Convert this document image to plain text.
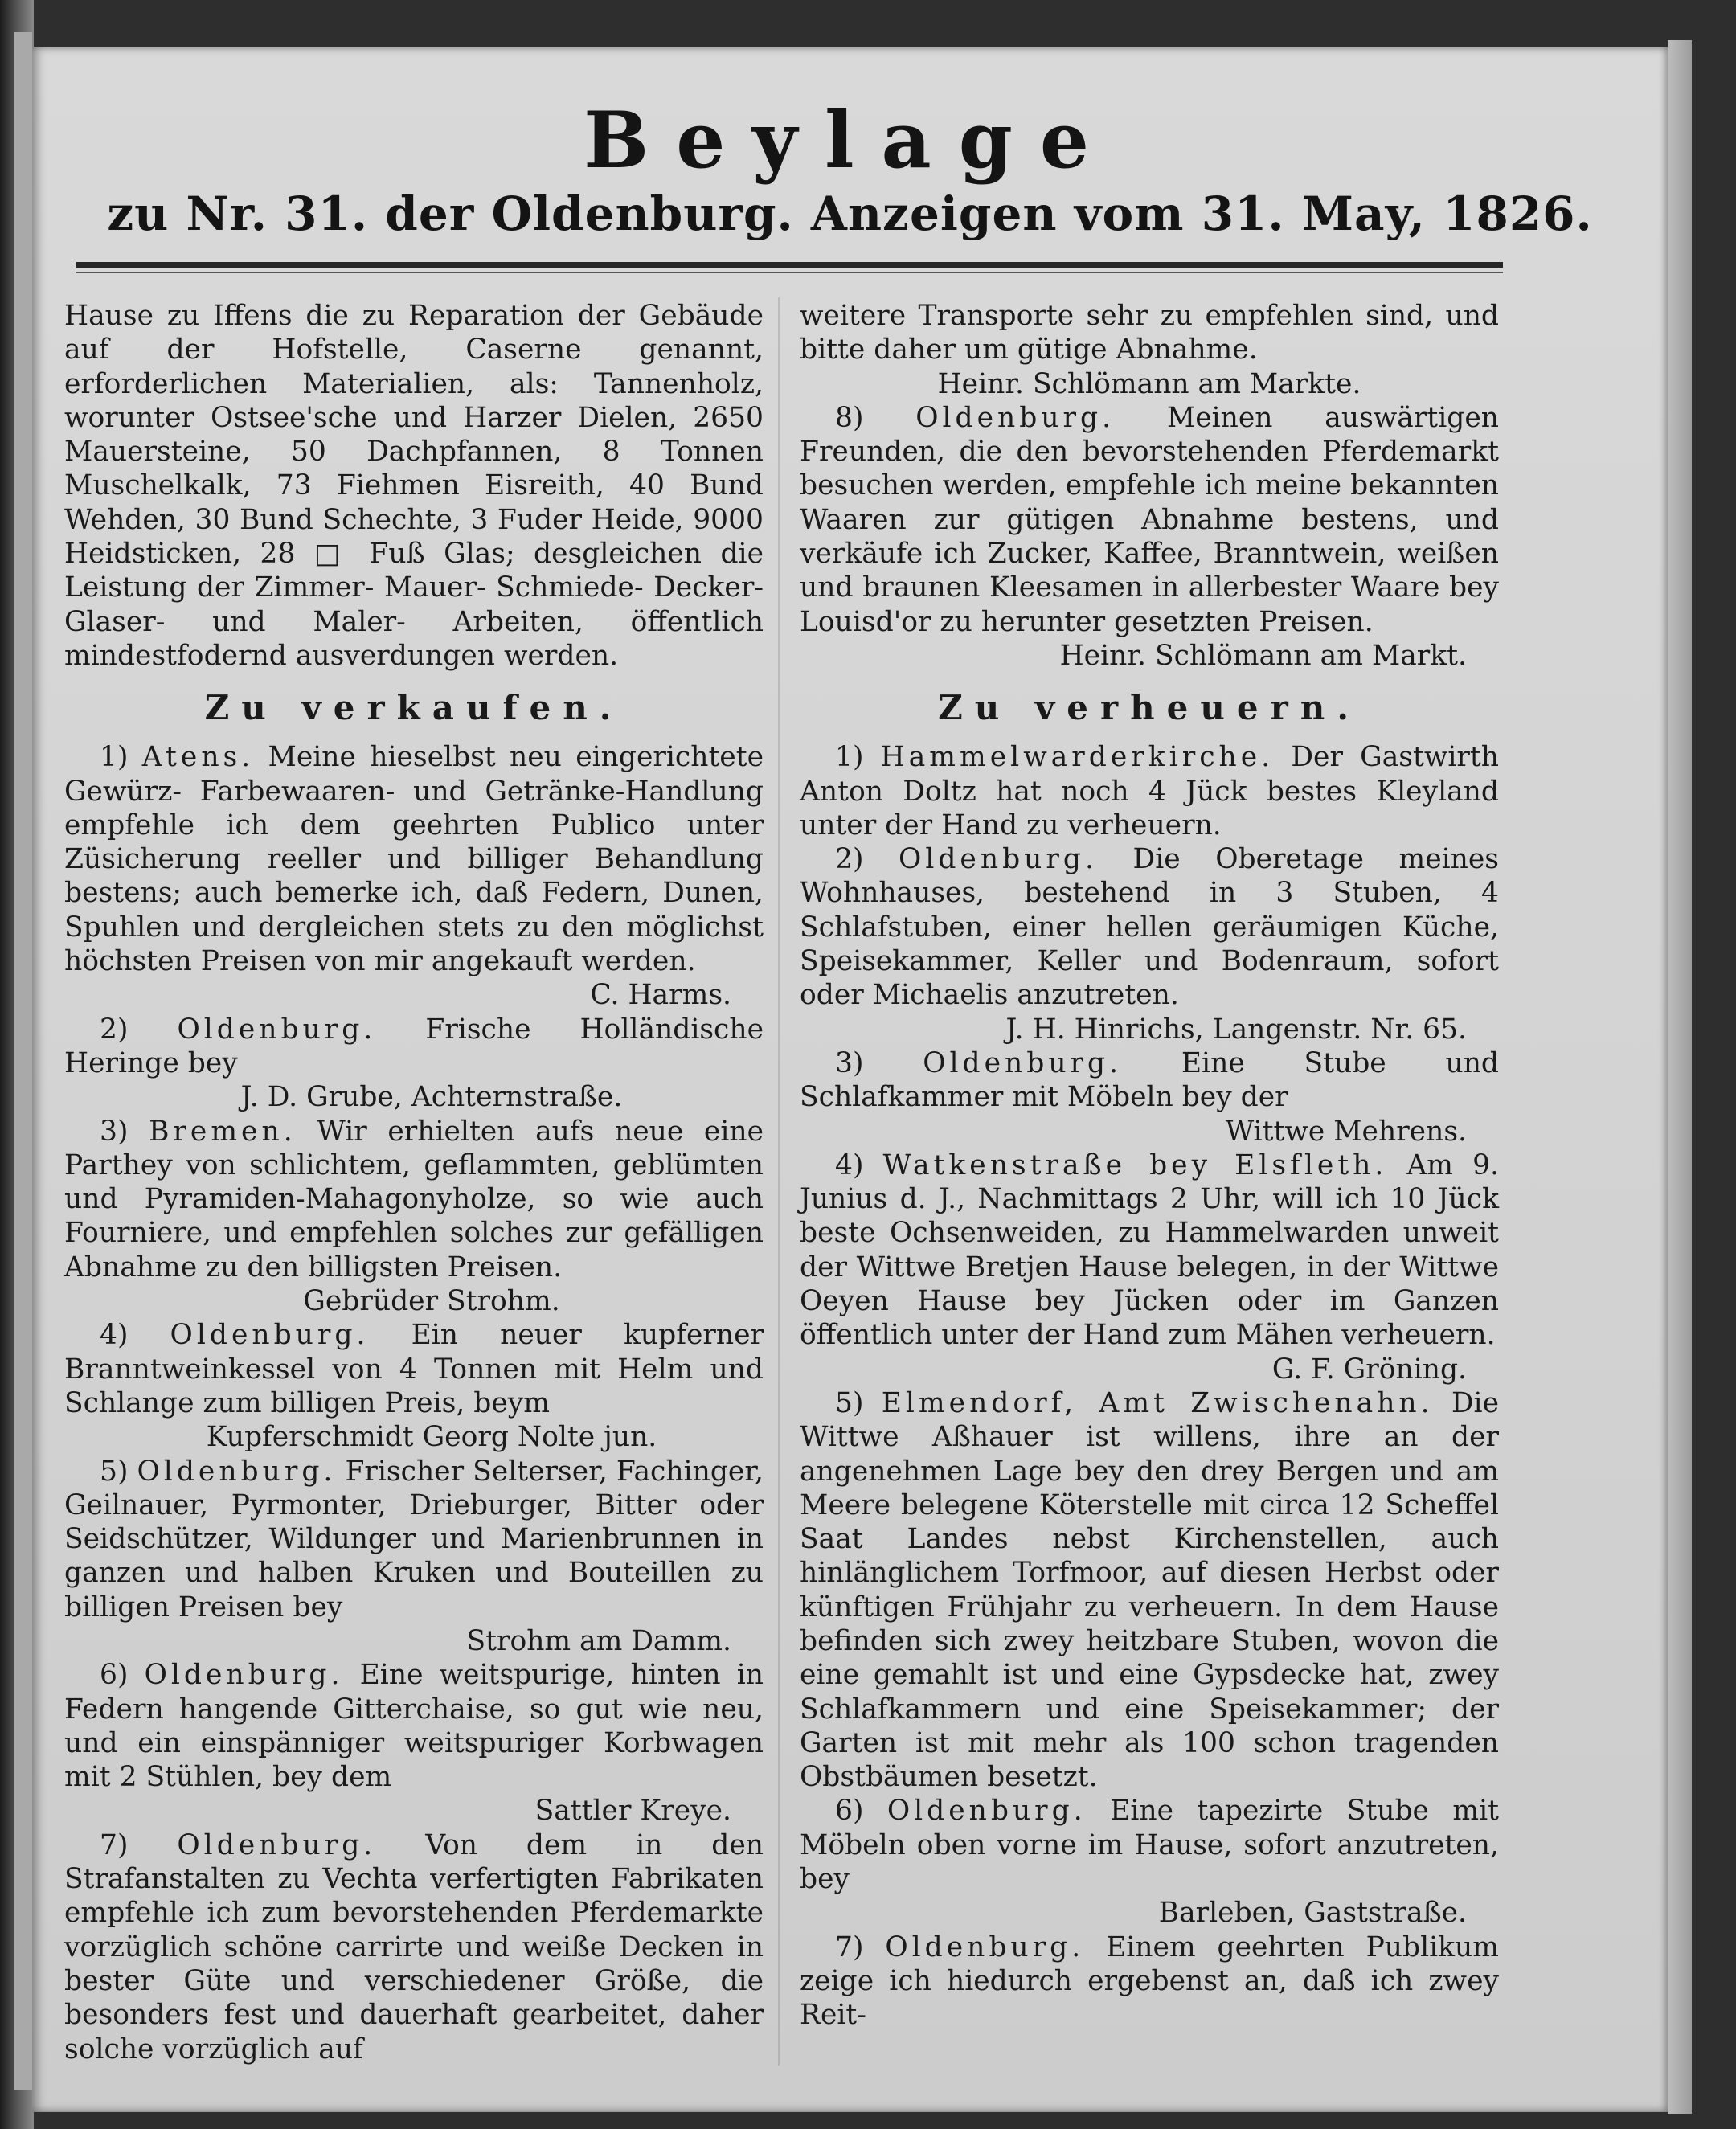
Beylage
zu Nr. 31. der Oldenburg. Anzeigen vom 31. May, 1826.

Hause zu Iffens die zu Reparation der Gebäude auf der Hofstelle, Caserne genannt, erforderlichen Materialien, als: Tannenholz, worunter Ostsee'sche und Harzer Dielen, 2650 Mauersteine, 50 Dachpfannen, 8 Tonnen Muschelkalk, 73 Fiehmen Eisreith, 40 Bund Wehden, 30 Bund Schechte, 3 Fuder Heide, 9000 Heidsticken, 28 □ Fuß Glas; desgleichen die Leistung der Zimmer- Mauer- Schmiede- Decker- Glaser- und Maler- Arbeiten, öffentlich mindestfodernd ausverdungen werden.

Zu verkaufen.

1) Atens. Meine hieselbst neu eingerichtete Gewürz- Farbewaaren- und Getränke-Handlung empfehle ich dem geehrten Publico unter Züsicherung reeller und billiger Behandlung bestens; auch bemerke ich, daß Federn, Dunen, Spuhlen und dergleichen stets zu den möglichst höchsten Preisen von mir angekauft werden.
C. Harms.

2) Oldenburg. Frische Holländische Heringe bey
J. D. Grube, Achternstraße.

3) Bremen. Wir erhielten aufs neue eine Parthey von schlichtem, geflammten, geblümten und Pyramiden-Mahagonyholze, so wie auch Fourniere, und empfehlen solches zur gefälligen Abnahme zu den billigsten Preisen.
Gebrüder Strohm.

4) Oldenburg. Ein neuer kupferner Branntweinkessel von 4 Tonnen mit Helm und Schlange zum billigen Preis, beym
Kupferschmidt Georg Nolte jun.

5) Oldenburg. Frischer Selterser, Fachinger, Geilnauer, Pyrmonter, Drieburger, Bitter oder Seidschützer, Wildunger und Marienbrunnen in ganzen und halben Kruken und Bouteillen zu billigen Preisen bey
Strohm am Damm.

6) Oldenburg. Eine weitspurige, hinten in Federn hangende Gitterchaise, so gut wie neu, und ein einspänniger weitspuriger Korbwagen mit 2 Stühlen, bey dem
Sattler Kreye.

7) Oldenburg. Von dem in den Strafanstalten zu Vechta verfertigten Fabrikaten empfehle ich zum bevorstehenden Pferdemarkte vorzüglich schöne carrirte und weiße Decken in bester Güte und verschiedener Größe, die besonders fest und dauerhaft gearbeitet, daher solche vorzüglich auf

weitere Transporte sehr zu empfehlen sind, und bitte daher um gütige Abnahme.
Heinr. Schlömann am Markte.

8) Oldenburg. Meinen auswärtigen Freunden, die den bevorstehenden Pferdemarkt besuchen werden, empfehle ich meine bekannten Waaren zur gütigen Abnahme bestens, und verkäufe ich Zucker, Kaffee, Branntwein, weißen und braunen Kleesamen in allerbester Waare bey Louisd'or zu herunter gesetzten Preisen.
Heinr. Schlömann am Markt.

Zu verheuern.

1) Hammelwarderkirche. Der Gastwirth Anton Doltz hat noch 4 Jück bestes Kleyland unter der Hand zu verheuern.

2) Oldenburg. Die Oberetage meines Wohnhauses, bestehend in 3 Stuben, 4 Schlafstuben, einer hellen geräumigen Küche, Speisekammer, Keller und Bodenraum, sofort oder Michaelis anzutreten.
J. H. Hinrichs, Langenstr. Nr. 65.

3) Oldenburg. Eine Stube und Schlafkammer mit Möbeln bey der
Wittwe Mehrens.

4) Watkenstraße bey Elsfleth. Am 9. Junius d. J., Nachmittags 2 Uhr, will ich 10 Jück beste Ochsenweiden, zu Hammelwarden unweit der Wittwe Bretjen Hause belegen, in der Wittwe Oeyen Hause bey Jücken oder im Ganzen öffentlich unter der Hand zum Mähen verheuern.
G. F. Gröning.

5) Elmendorf, Amt Zwischenahn. Die Wittwe Aßhauer ist willens, ihre an der angenehmen Lage bey den drey Bergen und am Meere belegene Köterstelle mit circa 12 Scheffel Saat Landes nebst Kirchenstellen, auch hinlänglichem Torfmoor, auf diesen Herbst oder künftigen Frühjahr zu verheuern. In dem Hause befinden sich zwey heitzbare Stuben, wovon die eine gemahlt ist und eine Gypsdecke hat, zwey Schlafkammern und eine Speisekammer; der Garten ist mit mehr als 100 schon tragenden Obstbäumen besetzt.

6) Oldenburg. Eine tapezirte Stube mit Möbeln oben vorne im Hause, sofort anzutreten, bey
Barleben, Gaststraße.

7) Oldenburg. Einem geehrten Publikum zeige ich hiedurch ergebenst an, daß ich zwey Reit-
